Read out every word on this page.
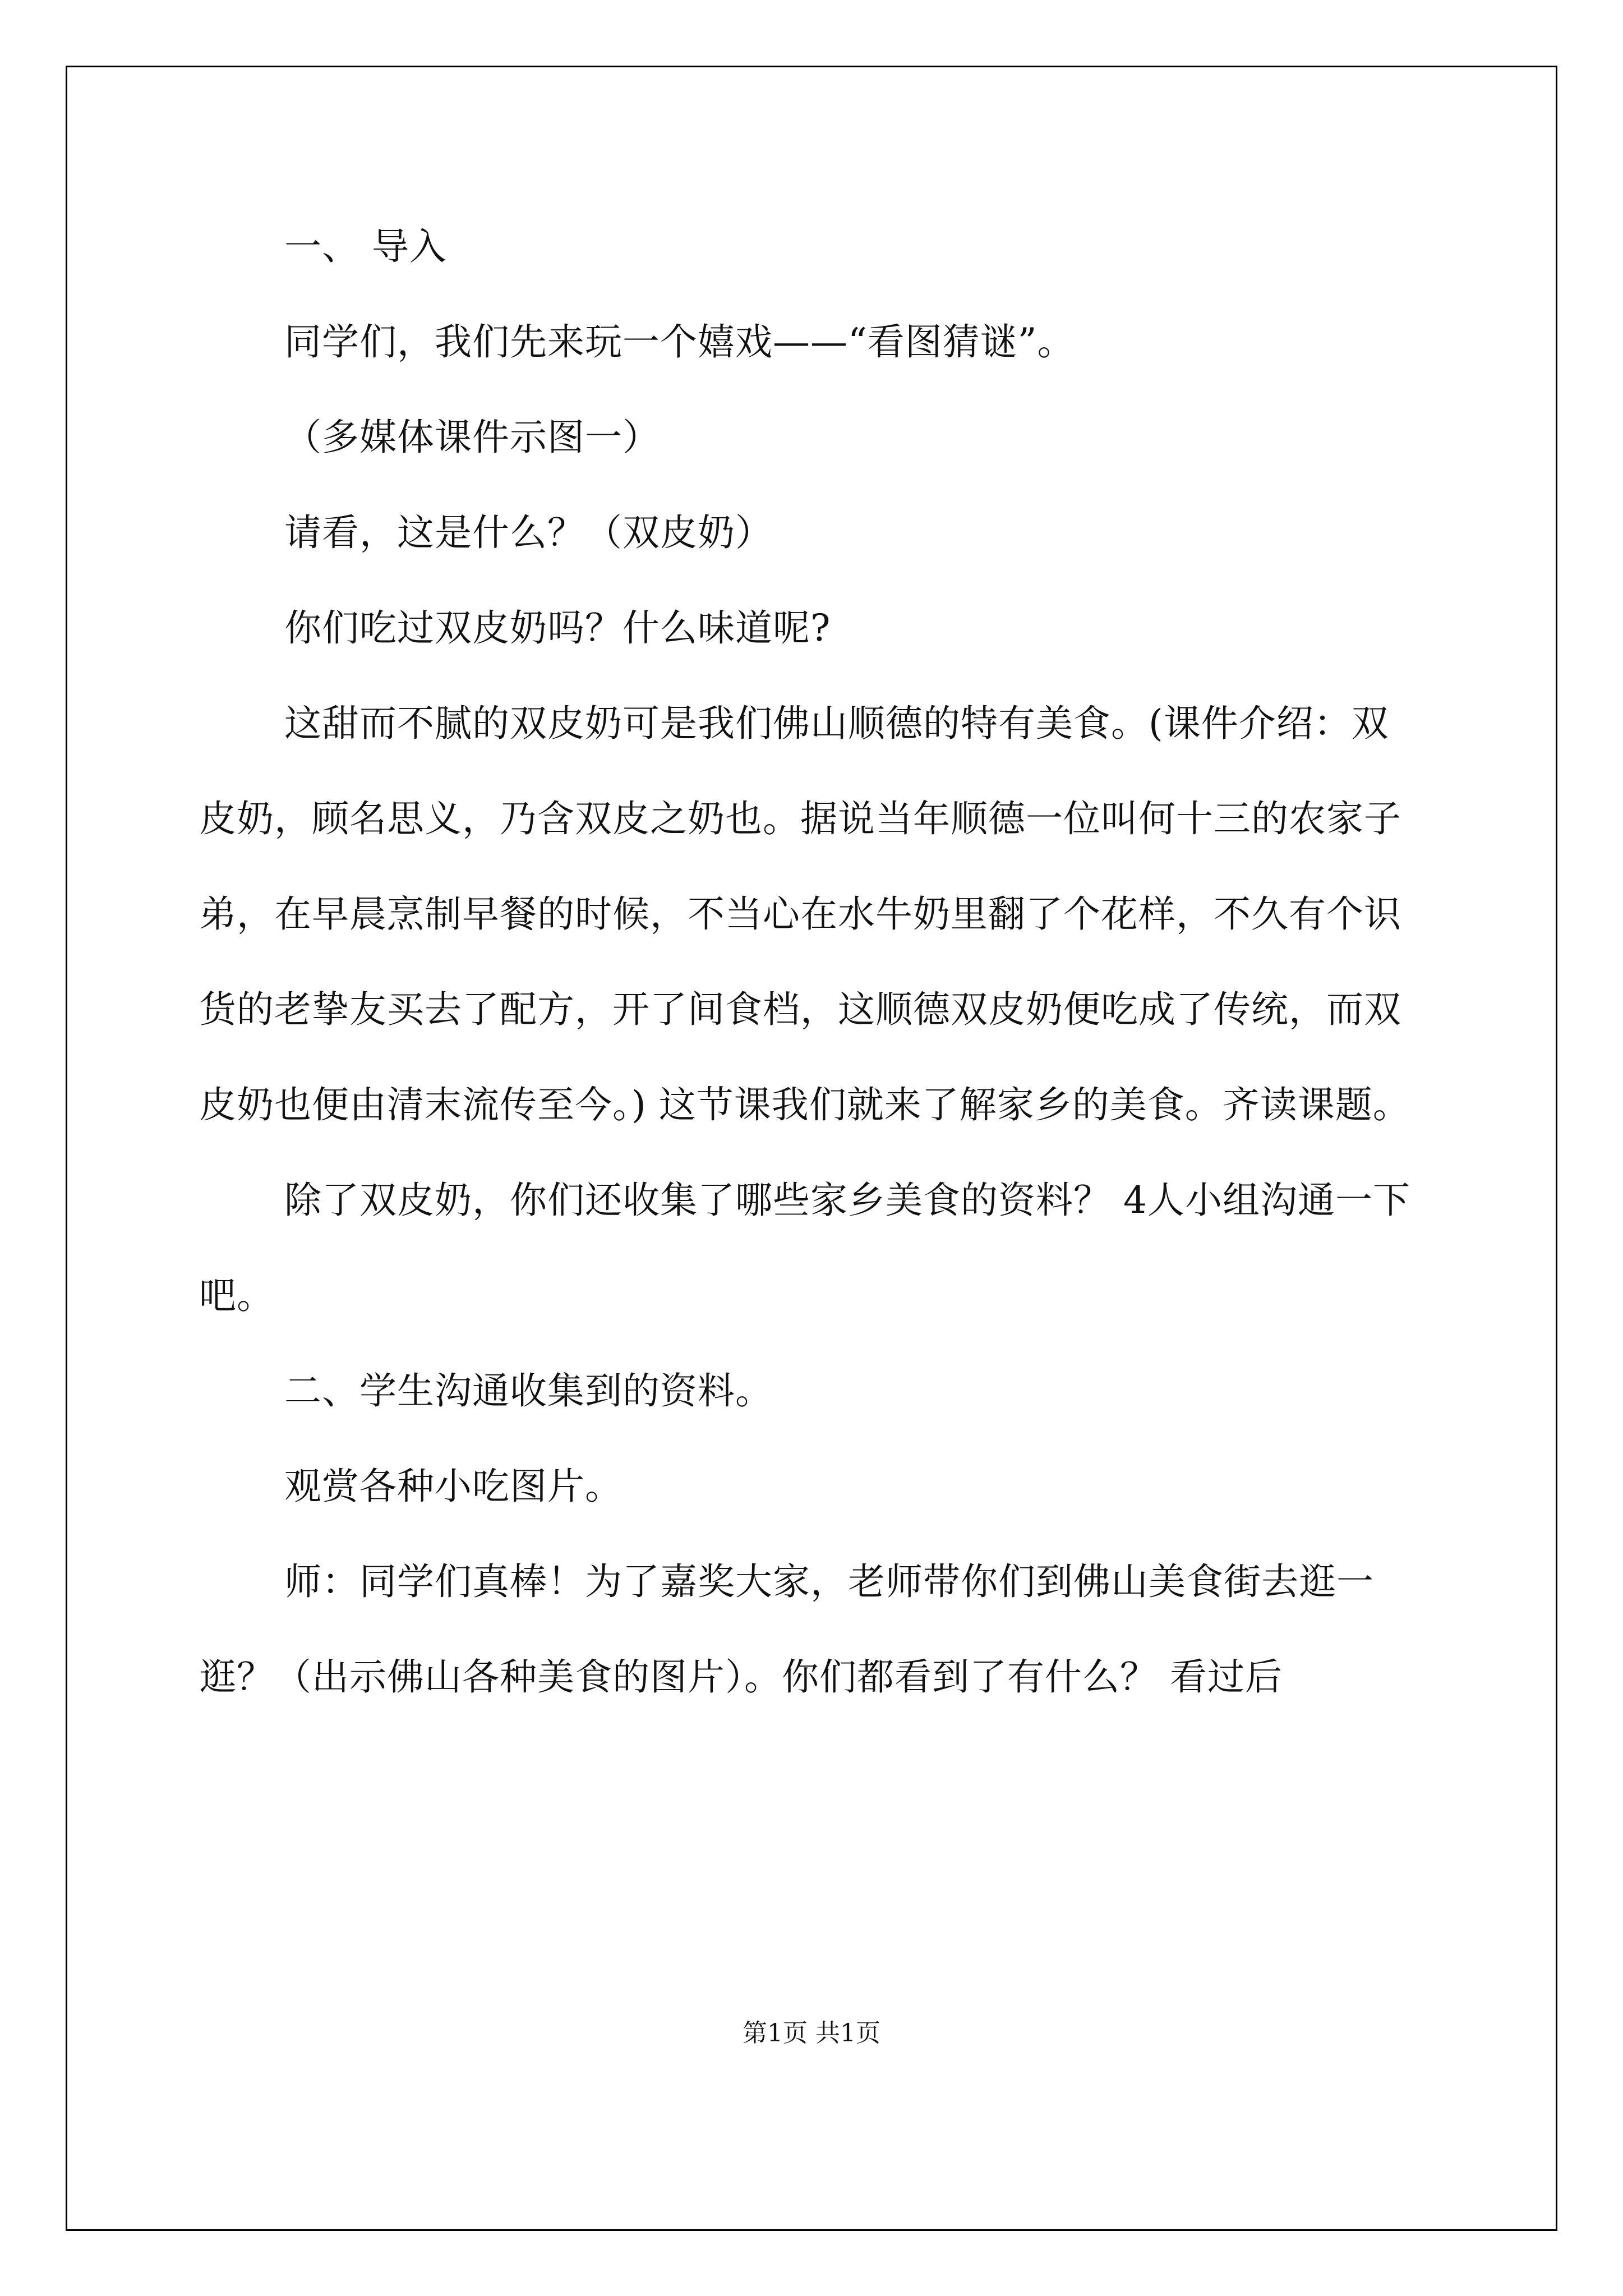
一、 导入

同学们，我们先来玩一个嬉戏——“看图猜谜”。

（多媒体课件示图一）

请看，这是什么？（双皮奶）

你们吃过双皮奶吗？什么味道呢?

这甜而不腻的双皮奶可是我们佛山顺德的特有美食。(课件介绍：双皮奶，顾名思义，乃含双皮之奶也。据说当年顺德一位叫何十三的农家子弟，在早晨烹制早餐的时候，不当心在水牛奶里翻了个花样，不久有个识货的老挚友买去了配方，开了间食档，这顺德双皮奶便吃成了传统，而双皮奶也便由清末流传至今。) 这节课我们就来了解家乡的美食。齐读课题。

除了双皮奶，你们还收集了哪些家乡美食的资料？ 4人小组沟通一下吧。

二、学生沟通收集到的资料。

观赏各种小吃图片。

师：同学们真棒！为了嘉奖大家，老师带你们到佛山美食街去逛一逛？（出示佛山各种美食的图片）。你们都看到了有什么？ 看过后

第1页 共1页
